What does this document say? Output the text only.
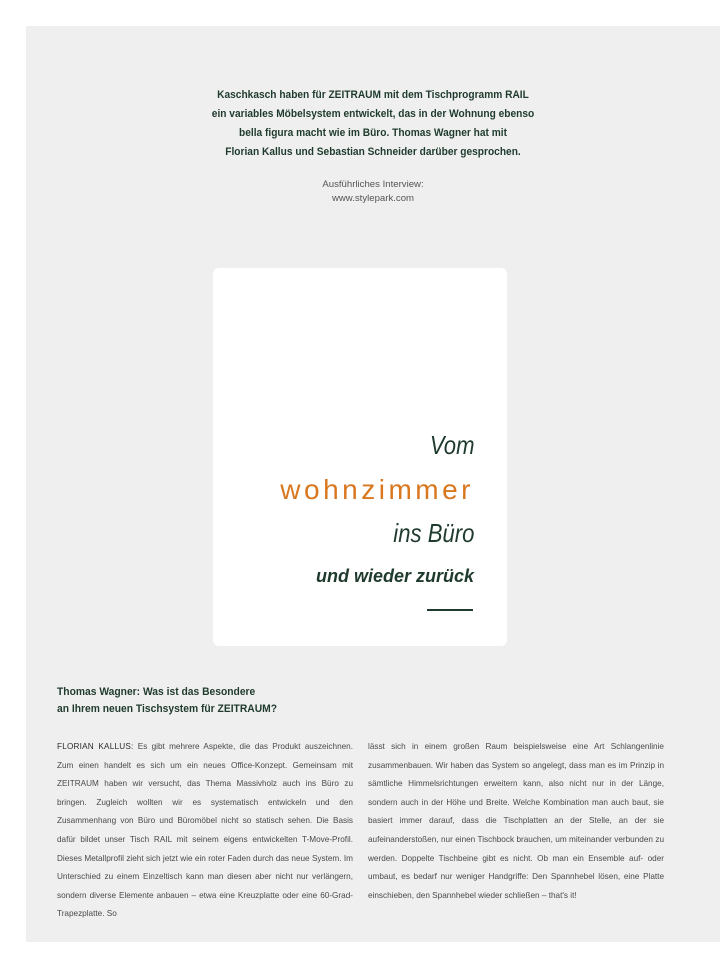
Kaschkasch haben für ZEITRAUM mit dem Tischprogramm RAIL
ein variables Möbelsystem entwickelt, das in der Wohnung ebenso
bella figura macht wie im Büro. Thomas Wagner hat mit
Florian Kallus und Sebastian Schneider darüber gesprochen.
Ausführliches Interview:
www.stylepark.com
Vom
wohnzimmer
ins Büro
und wieder zurück
Thomas Wagner: Was ist das Besondere
an Ihrem neuen Tischsystem für ZEITRAUM?
FLORIAN KALLUS: Es gibt mehrere Aspekte, die das Produkt auszeichnen. Zum einen handelt es sich um ein neues Office-Konzept. Gemeinsam mit ZEITRAUM haben wir versucht, das Thema Massivholz auch ins Büro zu bringen. Zugleich wollten wir es systematisch entwickeln und den Zusammenhang von Büro und Büromöbel nicht so statisch sehen. Die Basis dafür bildet unser Tisch RAIL mit seinem eigens entwickelten T-Move-Profil. Dieses Metallprofil zieht sich jetzt wie ein roter Faden durch das neue System. Im Unterschied zu einem Einzeltisch kann man diesen aber nicht nur verlängern, sondern diverse Elemente anbauen – etwa eine Kreuzplatte oder eine 60-Grad-Trapezplatte. So
lässt sich in einem großen Raum beispielsweise eine Art Schlangenlinie zusammenbauen. Wir haben das System so angelegt, dass man es im Prinzip in sämtliche Himmelsrichtungen erweitern kann, also nicht nur in der Länge, sondern auch in der Höhe und Breite. Welche Kombination man auch baut, sie basiert immer darauf, dass die Tischplatten an der Stelle, an der sie aufeinanderstoßen, nur einen Tischbock brauchen, um miteinander verbunden zu werden. Doppelte Tischbeine gibt es nicht. Ob man ein Ensemble auf- oder umbaut, es bedarf nur weniger Handgriffe: Den Spannhebel lösen, eine Platte einschieben, den Spannhebel wieder schließen – that's it!
